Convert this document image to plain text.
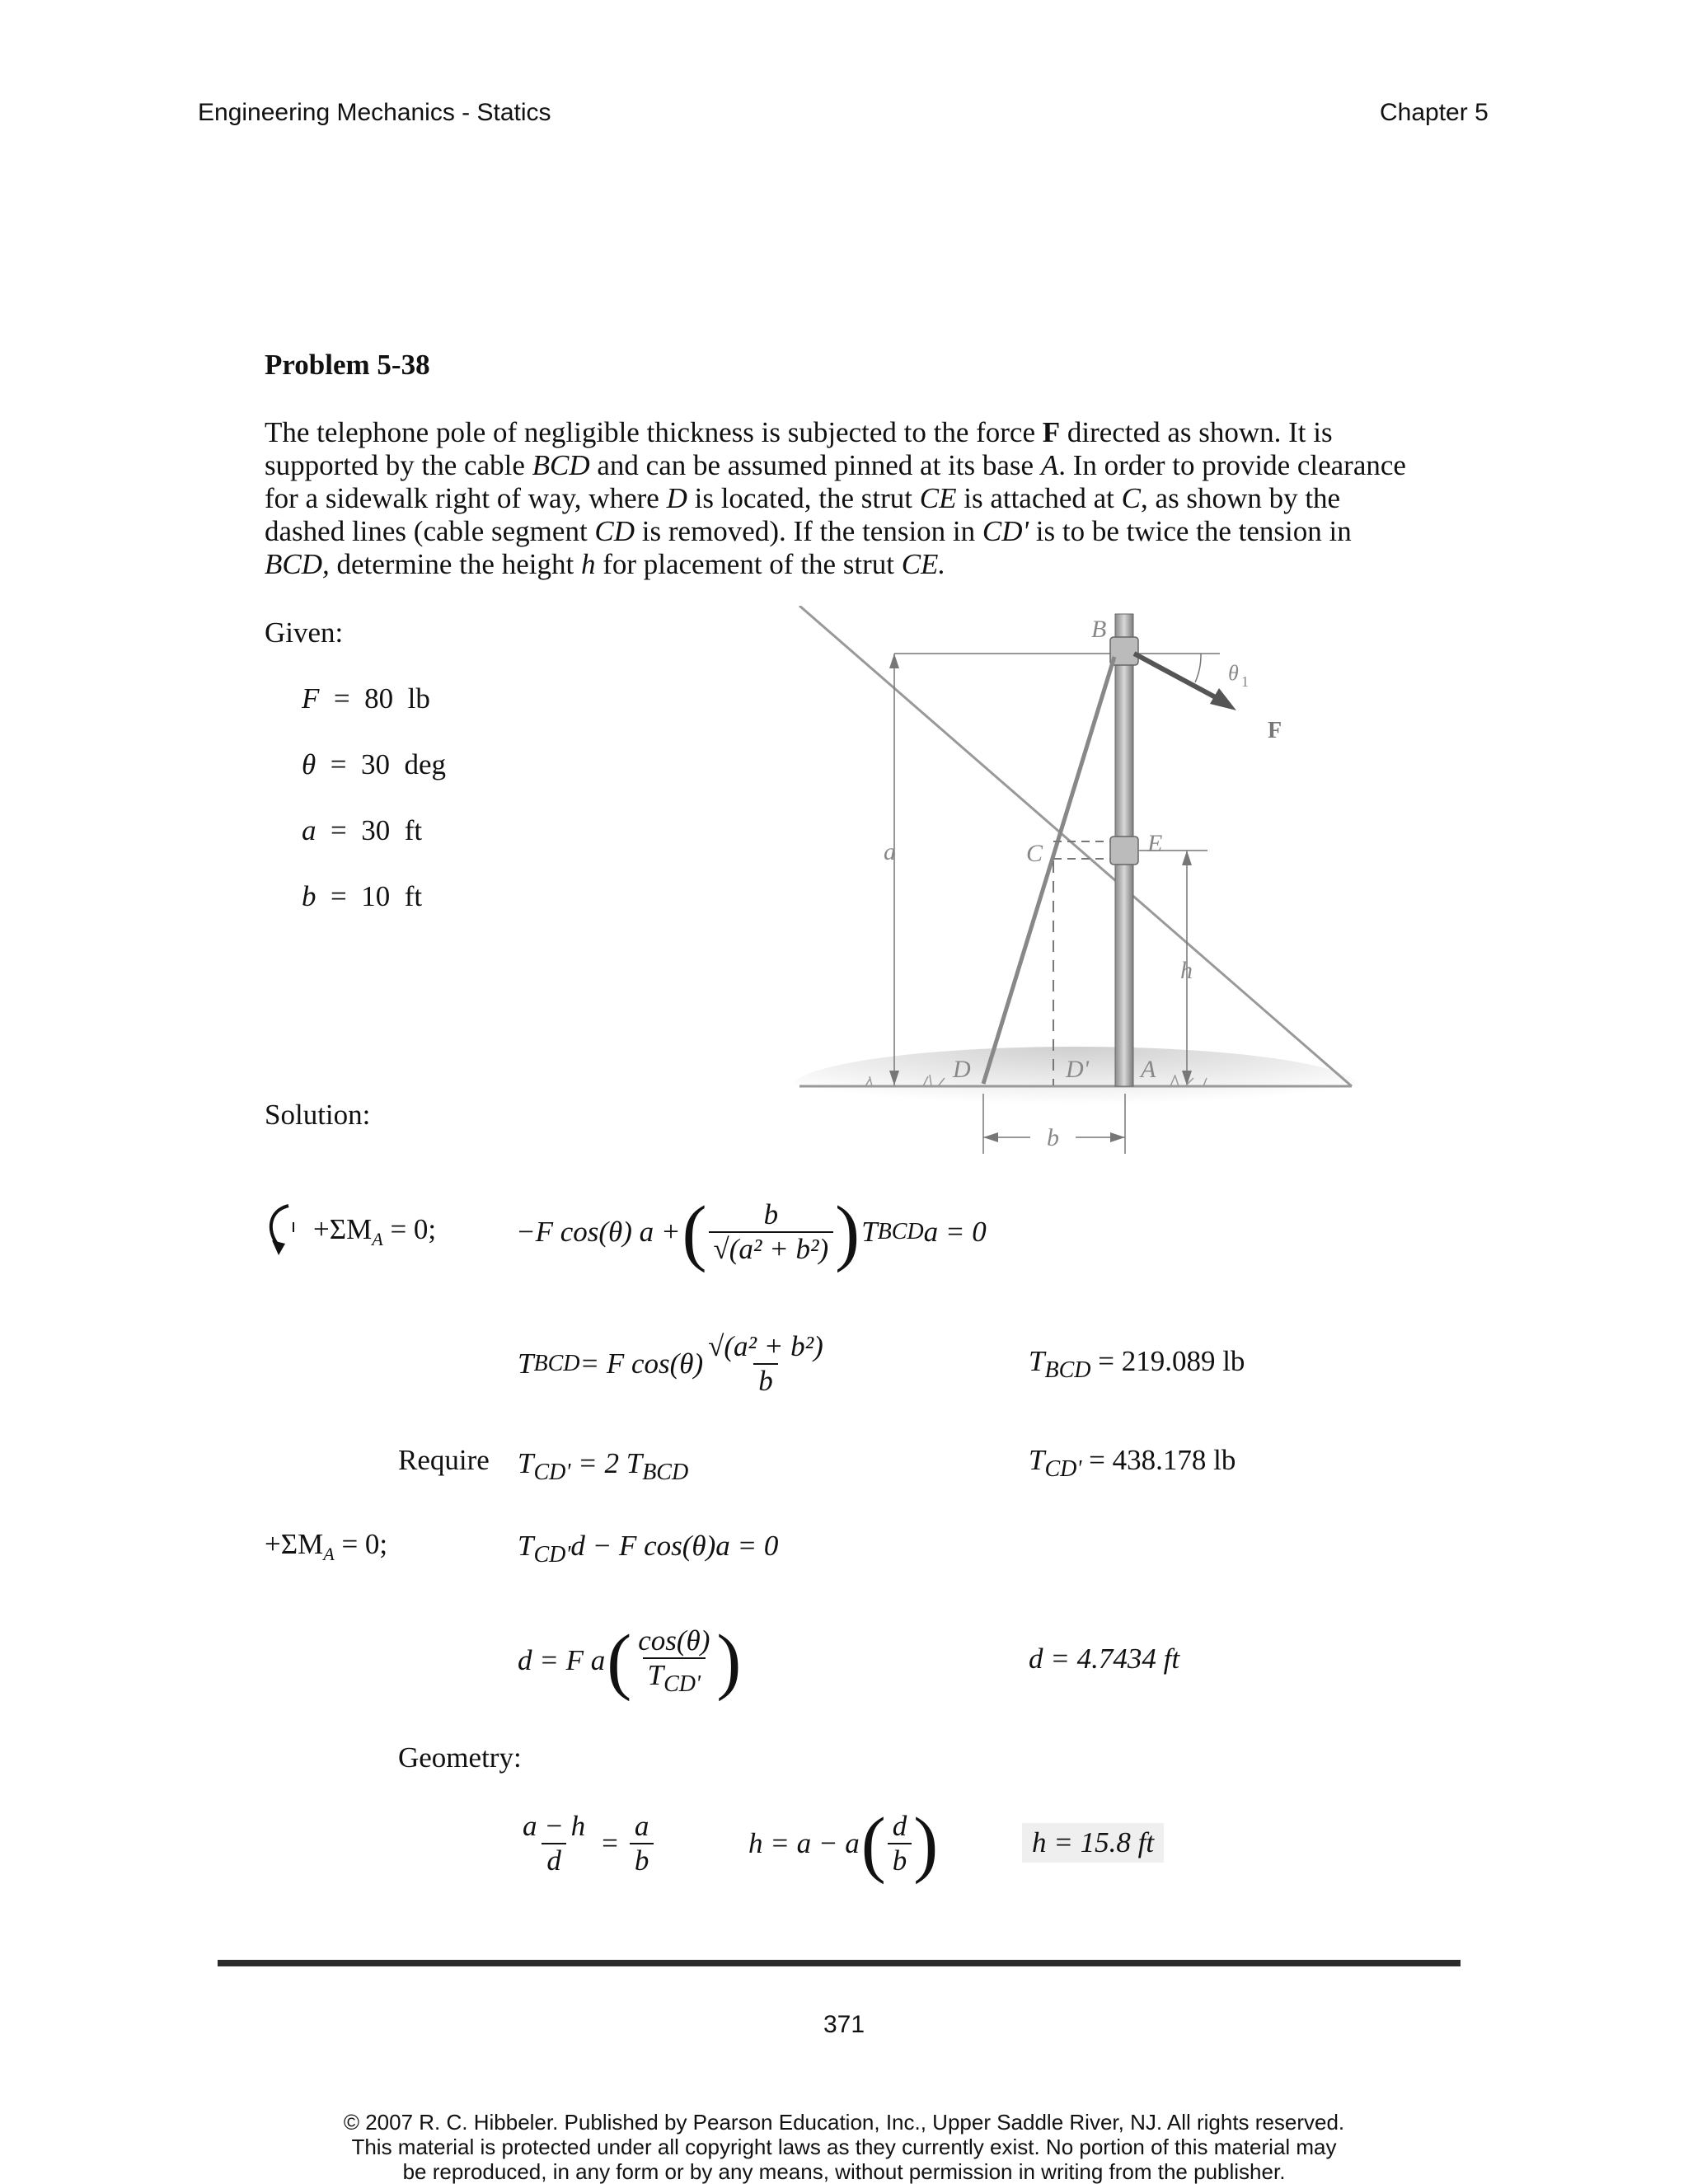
Engineering Mechanics - Statics	Chapter 5
Problem 5-38
The telephone pole of negligible thickness is subjected to the force F directed as shown. It is supported by the cable BCD and can be assumed pinned at its base A. In order to provide clearance for a sidewalk right of way, where D is located, the strut CE is attached at C, as shown by the dashed lines (cable segment CD is removed). If the tension in CD' is to be twice the tension in BCD, determine the height h for placement of the strut CE.
Given:
F = 80 lb
θ = 30 deg
a = 30 ft
b = 10 ft
B
C	E
D	D' A
a
b
h
F
θ 1
Solution:
$+\Sigma M_A = 0$;	−F cos(θ) a + ( $\frac{b}{\text{√(a² + b²)}}$ ) T BCD a = 0
T BCD = F $\cos(\theta) \frac{\text{√(a² + b²)}}{b}$	$T_{BCD} = 219.089$ lb
Require $T_{CD'} = 2$ $T_{BCD}$	$T_{CD'} = 438.178$ lb
$+\Sigma M_A = 0$;	$T_{CD'}d - F$ cos(θ)a = 0
d = F a ( $\frac{\cos(\theta)}{T_{CD'}}$ )	d = 4.7434 ft
Geometry:
$\frac{a - h}{d} = \frac{a}{b}$	h = a − a ( $\frac{d}{b}$ )	h = 15.8 ft
371
© 2007 R. C. Hibbeler. Published by Pearson Education, Inc., Upper Saddle River, NJ. All rights reserved.
This material is protected under all copyright laws as they currently exist. No portion of this material may
be reproduced, in any form or by any means, without permission in writing from the publisher.
